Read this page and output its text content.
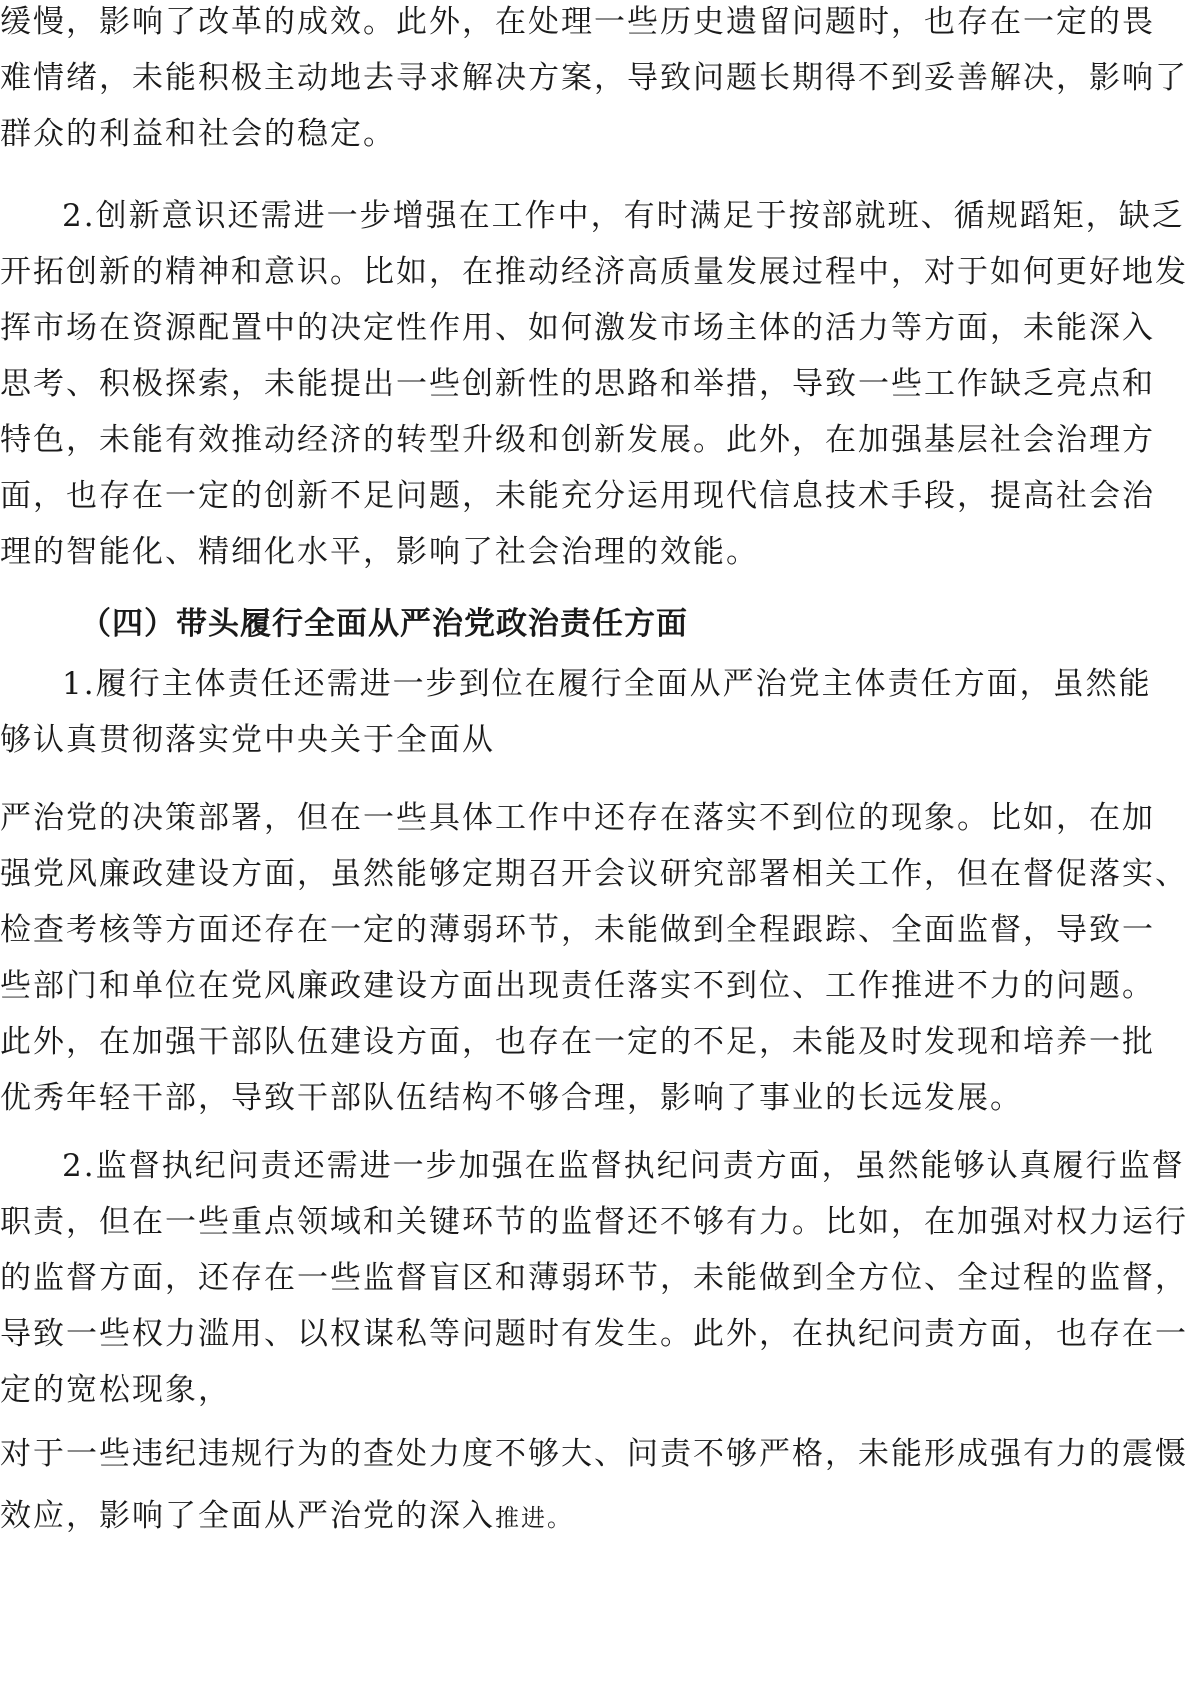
缓慢，影响了改革的成效。此外，在处理一些历史遗留问题时，也存在一定的畏
难情绪，未能积极主动地去寻求解决方案，导致问题长期得不到妥善解决，影响了
群众的利益和社会的稳定。
2.创新意识还需进一步增强在工作中，有时满足于按部就班、循规蹈矩，缺乏
开拓创新的精神和意识。比如，在推动经济高质量发展过程中，对于如何更好地发
挥市场在资源配置中的决定性作用、如何激发市场主体的活力等方面，未能深入
思考、积极探索，未能提出一些创新性的思路和举措，导致一些工作缺乏亮点和
特色，未能有效推动经济的转型升级和创新发展。此外，在加强基层社会治理方
面，也存在一定的创新不足问题，未能充分运用现代信息技术手段，提高社会治
理的智能化、精细化水平，影响了社会治理的效能。
（四）带头履行全面从严治党政治责任方面
1.履行主体责任还需进一步到位在履行全面从严治党主体责任方面，虽然能
够认真贯彻落实党中央关于全面从
严治党的决策部署，但在一些具体工作中还存在落实不到位的现象。比如，在加
强党风廉政建设方面，虽然能够定期召开会议研究部署相关工作，但在督促落实、
检查考核等方面还存在一定的薄弱环节，未能做到全程跟踪、全面监督，导致一
些部门和单位在党风廉政建设方面出现责任落实不到位、工作推进不力的问题。
此外，在加强干部队伍建设方面，也存在一定的不足，未能及时发现和培养一批
优秀年轻干部，导致干部队伍结构不够合理，影响了事业的长远发展。
2.监督执纪问责还需进一步加强在监督执纪问责方面，虽然能够认真履行监督
职责，但在一些重点领域和关键环节的监督还不够有力。比如，在加强对权力运行
的监督方面，还存在一些监督盲区和薄弱环节，未能做到全方位、全过程的监督，
导致一些权力滥用、以权谋私等问题时有发生。此外，在执纪问责方面，也存在一
定的宽松现象，
对于一些违纪违规行为的查处力度不够大、问责不够严格，未能形成强有力的震慑
效应，影响了全面从严治党的深入推进。
